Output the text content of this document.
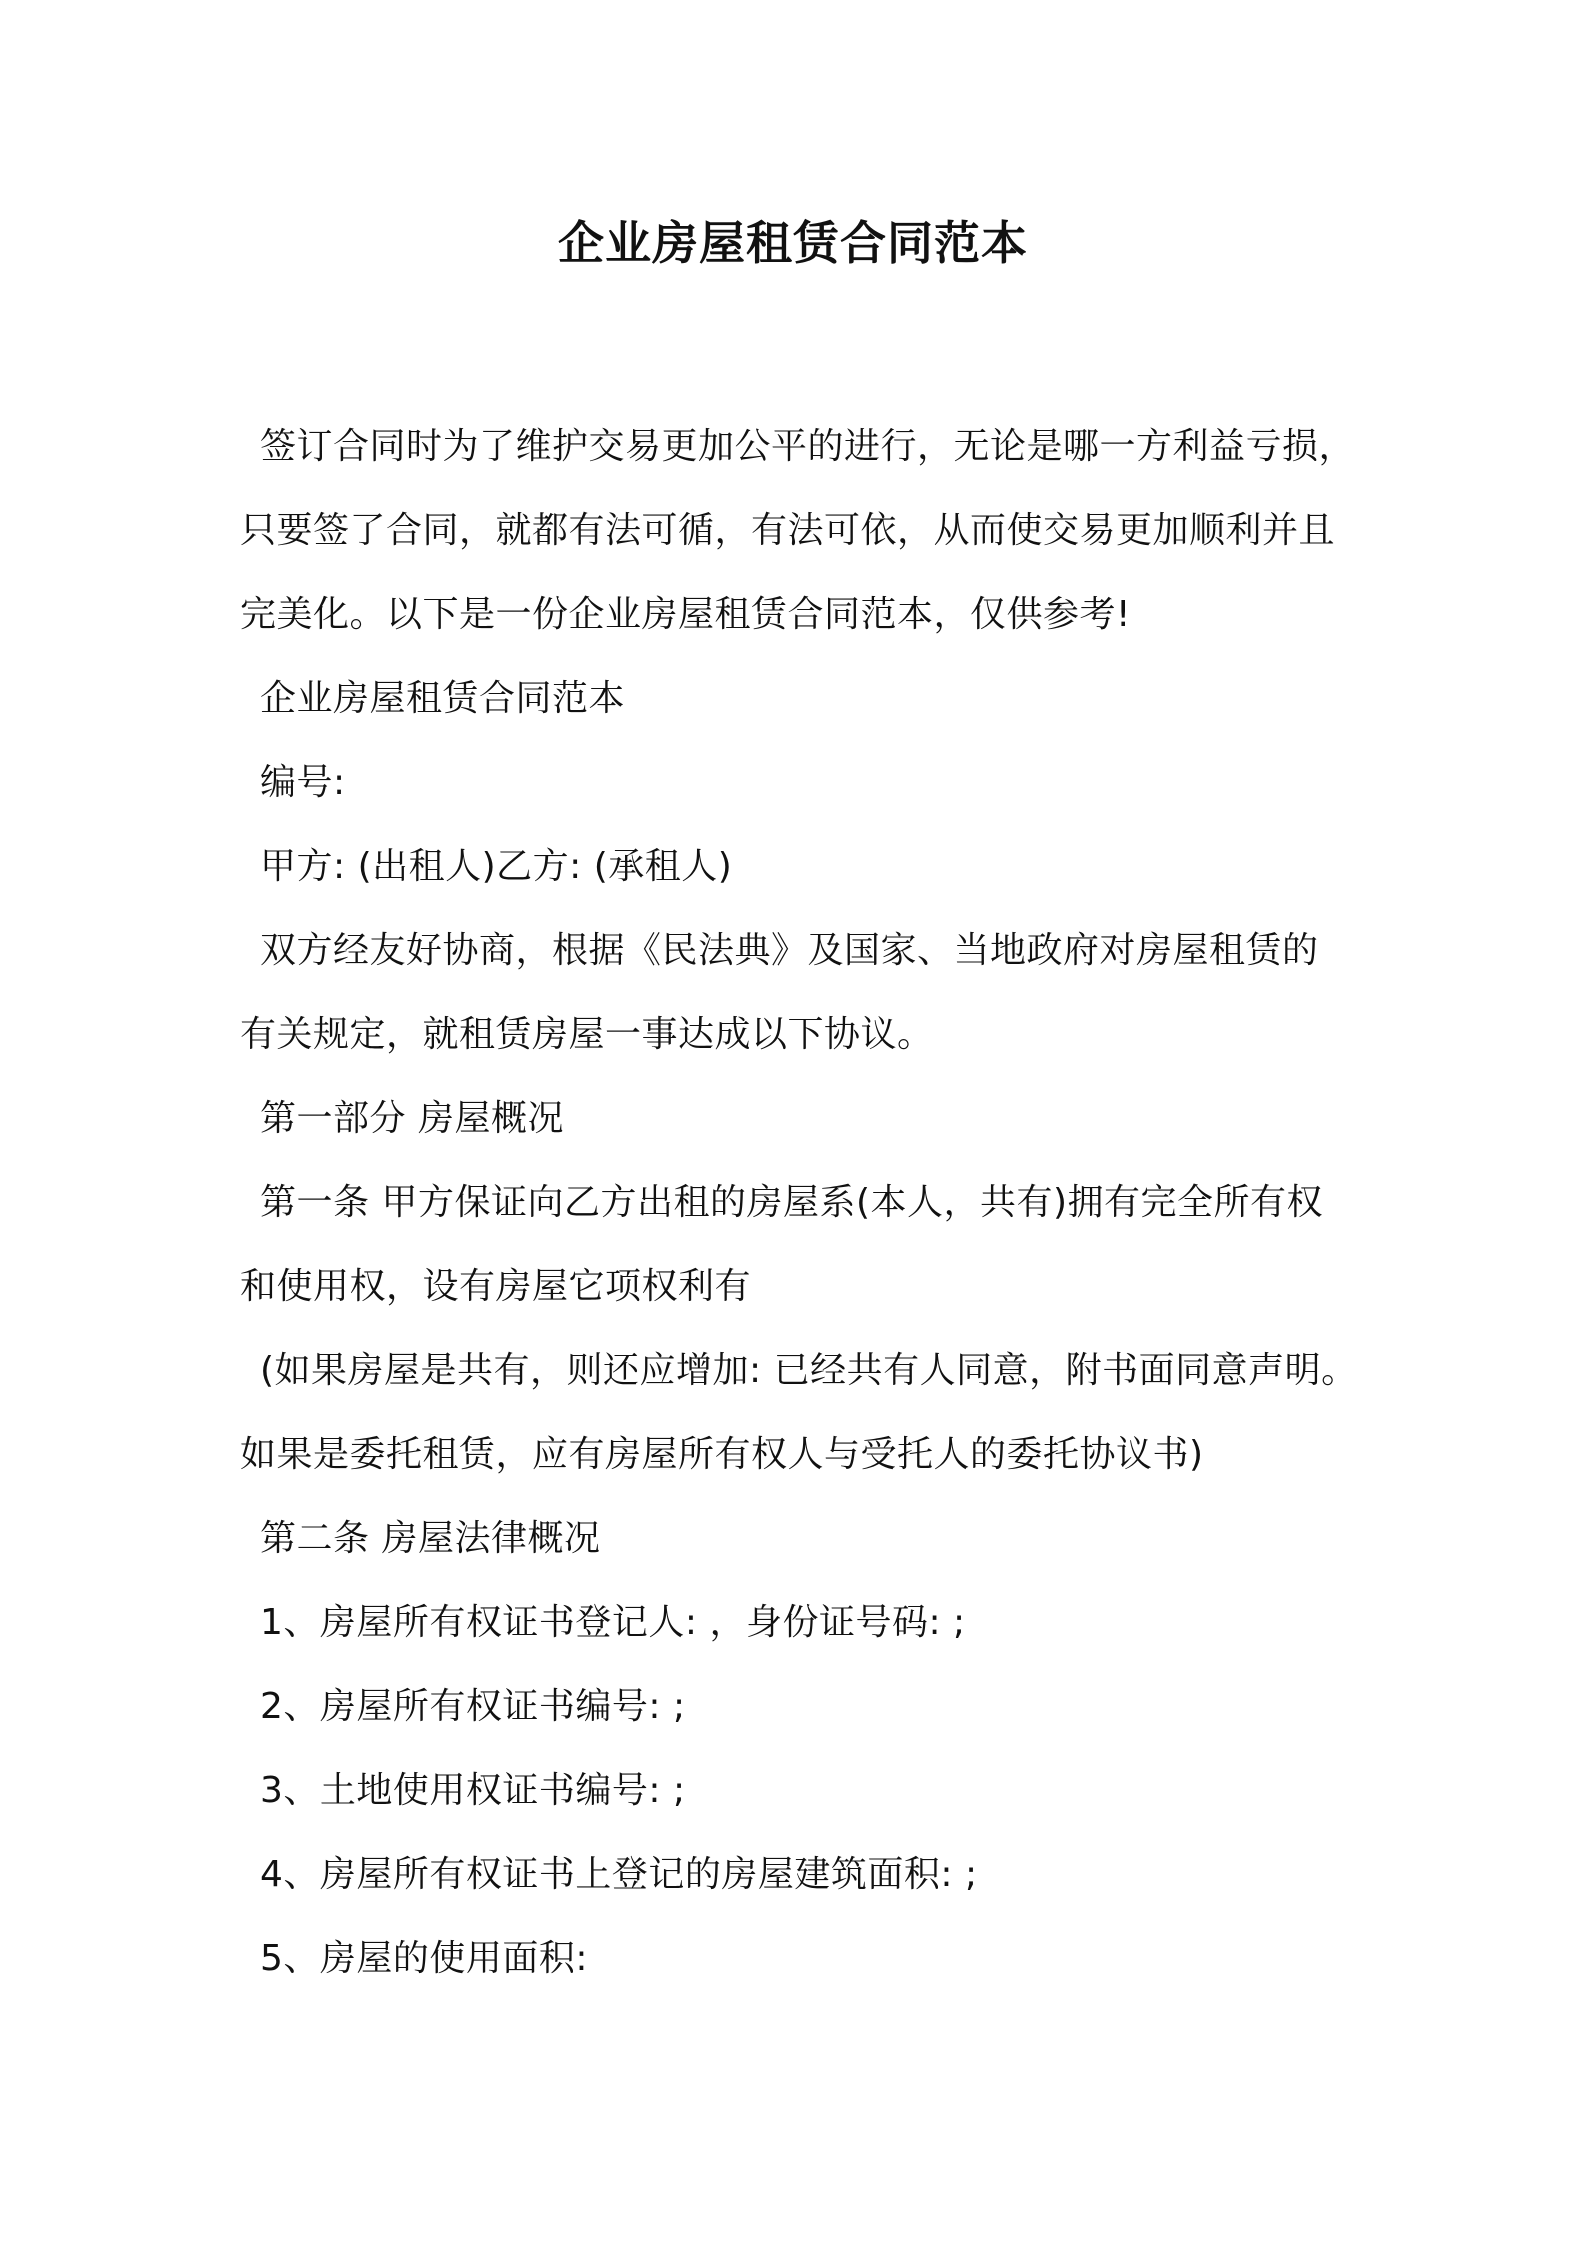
企业房屋租赁合同范本
签订合同时为了维护交易更加公平的进行，无论是哪一方利益亏损，
只要签了合同，就都有法可循，有法可依，从而使交易更加顺利并且
完美化。以下是一份企业房屋租赁合同范本，仅供参考!
企业房屋租赁合同范本
编号:
甲方: (出租人)乙方: (承租人)
双方经友好协商，根据《民法典》及国家、当地政府对房屋租赁的
有关规定，就租赁房屋一事达成以下协议。
第一部分 房屋概况
第一条 甲方保证向乙方出租的房屋系(本人，共有)拥有完全所有权
和使用权，设有房屋它项权利有
(如果房屋是共有，则还应增加: 已经共有人同意，附书面同意声明。
如果是委托租赁，应有房屋所有权人与受托人的委托协议书)
第二条 房屋法律概况
1、房屋所有权证书登记人: ，身份证号码: ;
2、房屋所有权证书编号: ;
3、土地使用权证书编号: ;
4、房屋所有权证书上登记的房屋建筑面积: ;
5、房屋的使用面积:
